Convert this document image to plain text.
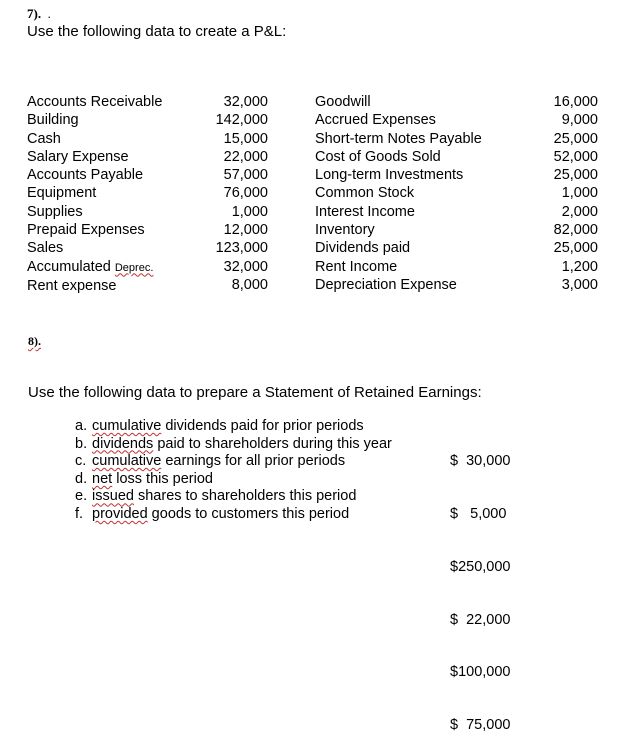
7). .
Use the following data to create a P&L:
Accounts Receivable
Building
Cash
Salary Expense
Accounts Payable
Equipment
Supplies
Prepaid Expenses
Sales
Accumulated Deprec.
Rent expense
32,000
142,000
15,000
22,000
57,000
76,000
1,000
12,000
123,000
32,000
8,000
Goodwill
Accrued Expenses
Short-term Notes Payable
Cost of Goods Sold
Long-term Investments
Common Stock
Interest Income
Inventory
Dividends paid
Rent Income
Depreciation Expense
16,000
9,000
25,000
52,000
25,000
1,000
2,000
82,000
25,000
1,200
3,000
8).
Use the following data to prepare a Statement of Retained Earnings:
a. cumulative dividends paid for prior periods
b. dividends paid to shareholders during this year
c. cumulative earnings for all prior periods
d. net loss this period
e. issued shares to shareholders this period
f. provided goods to customers this period

$  30,000

$   5,000

$250,000

$  22,000

$100,000

$  75,000
